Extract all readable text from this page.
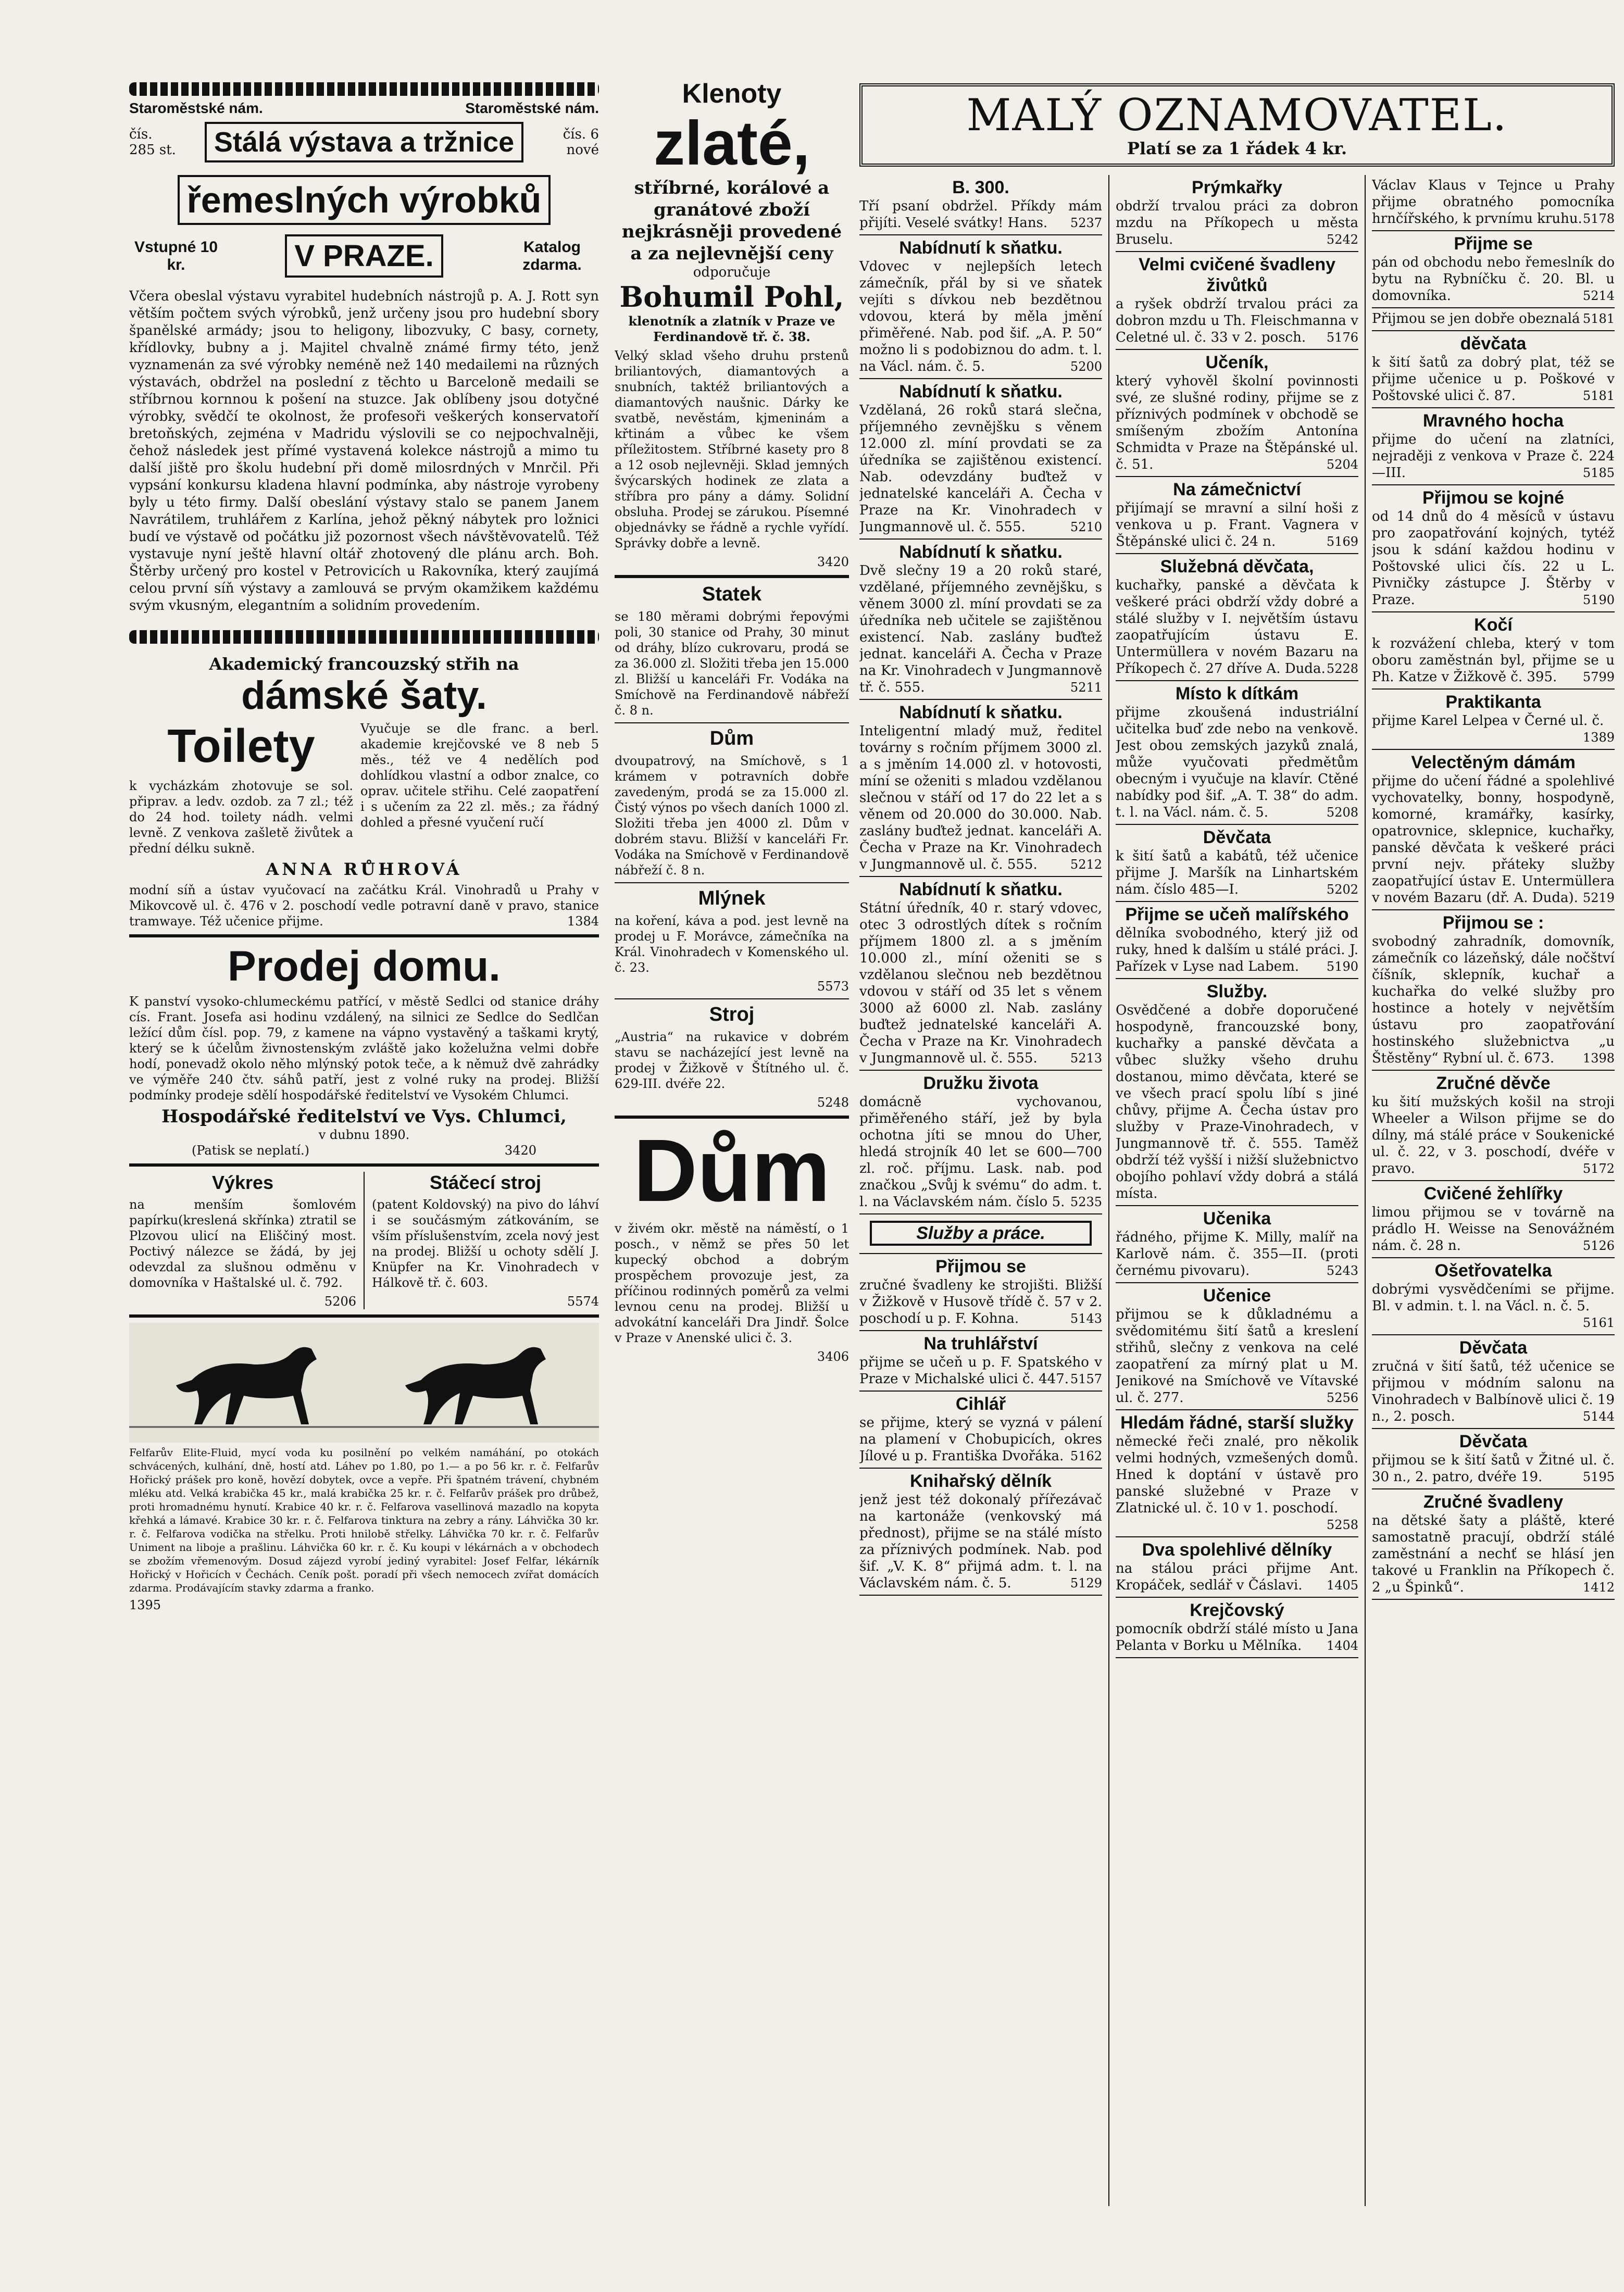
Staroměstské nám.	Staroměstské nám.
čís. 285 st.	Stálá výstava a tržnice	čís. 6 nové
řemeslných výrobků
Vstupné 10 kr.	V PRAZE.	Katalog zdarma.
Včera obeslal výstavu vyrabitel hudebních nástrojů p. A. J. Rott syn větším počtem svých výrobků, jenž určeny jsou pro hudební sbory španělské armády; jsou to heligony, libozvuky, C basy, cornety, křídlovky, bubny a j. Majitel chvalně známé firmy této, jenž vyznamenán za své výrobky neméně než 140 medailemi na různých výstavách, obdržel na poslední z těchto u Barceloně medaili se stříbrnou kornnou k pošení na stuzce. Jak oblíbeny jsou dotyčné výrobky, svědčí te okolnost, že profesoři veškerých konservatoří bretoňských, zejména v Madridu výslovili se co nejpochvalněji, čehož následek jest přímé vystavená kolekce nástrojů a mimo tu další jiště pro školu hudební při domě milosrdných v Mnrčil. Při vypsání konkursu kladena hlavní podmínka, aby nástroje vyrobeny byly u této firmy. Další obeslání výstavy stalo se panem Janem Navrátilem, truhlářem z Karlína, jehož pěkný nábytek pro ložnici budí ve výstavě od počátku již pozornost všech návštěvovatelů. Též vystavuje nyní ještě hlavní oltář zhotovený dle plánu arch. Boh. Štěrby určený pro kostel v Petrovicích u Rakovníka, který zaujímá celou první síň výstavy a zamlouvá se prvým okamžikem každému svým vkusným, elegantním a solidním provedením.
Akademický francouzský střih na
dámské šaty.
Toilety
k vycházkám zhotovuje se sol. připrav. a ledv. ozdob. za 7 zl.; též do 24 hod. toilety nádh. velmi levně. Z venkova zašletě živůtek a přední délku sukně.
Vyučuje se dle franc. a berl. akademie krejčovské ve 8 neb 5 měs., též ve 4 nedělích pod dohlídkou vlastní a odbor znalce, co oprav. učitele střihu. Celé zaopatření i s učením za 22 zl. měs.; za řádný dohled a přesné vyučení ručí
ANNA RŮHROVÁ
modní síň a ústav vyučovací na začátku Král. Vinohradů u Prahy v Mikovcově ul. č. 476 v 2. poschodí vedle potravní daně v pravo, stanice tramwaye. Též učenice přijme.	1384
Prodej domu.
K panství vysoko-chlumeckému patřící, v městě Sedlci od stanice dráhy cís. Frant. Josefa asi hodinu vzdálený, na silnici ze Sedlce do Sedlčan ležící dům čísl. pop. 79, z kamene na vápno vystavěný a taškami krytý, který se k účelům živnostenským zvláště jako koželužna velmi dobře hodí, ponevadž okolo něho mlýnský potok teče, a k němuž dvě zahrádky ve výměře 240 čtv. sáhů patří, jest z volné ruky na prodej. Bližší podmínky prodeje sdělí hospodářské ředitelství ve Vysokém Chlumci.
Hospodářské ředitelství ve Vys. Chlumci,
v dubnu 1890.
(Patisk se neplatí.)	3420
Výkres
na menším šomlovém papírku(kreslená skřínka) ztratil se Plzovou ulicí na Eliščiný most. Poctivý nálezce se žádá, by jej odevzdal za slušnou odměnu v domovníka v Haštalské ul. č. 792.
5206
Stáčecí stroj
(patent Koldovský) na pivo do láhví i se součásmým zátkováním, se vším příslušenstvím, zcela nový jest na prodej. Bližší u ochoty sdělí J. Knüpfer na Kr. Vinohradech v Hálkově tř. č. 603.
5574
Felfarův Elite-Fluid, mycí voda ku posilnění po velkém namáhání, po otokách schvácených, kulhání, dně, hostí atd. Láhev po 1.80, po 1.— a po 56 kr. r. č. Felfarův Hořický prášek pro koně, hovězí dobytek, ovce a vepře. Při špatném trávení, chybném mléku atd. Velká krabička 45 kr., malá krabička 25 kr. r. č. Felfarův prášek pro drůbež, proti hromadnému hynutí. Krabice 40 kr. r. č. Felfarova vasellinová mazadlo na kopyta křehká a lámavé. Krabice 30 kr. r. č. Felfarova tinktura na zebry a rány. Láhvička 30 kr. r. č. Felfarova vodička na střelku. Proti hnilobě střelky. Láhvička 70 kr. r. č. Felfarův Uniment na liboje a prašlinu. Láhvička 60 kr. r. č. Ku koupi v lékárnách a v obchodech se zbožím vřemenovým. Dosud zájezd vyrobí jediný vyrabitel: Josef Felfar, lékárník Hořický v Hořicích v Čechách. Ceník pošt. poradí při všech nemocech zvířat domácích zdarma. Prodávajícím stavky zdarma a franko.
1395
Klenoty
zlaté,
stříbrné, korálové a granátové zboží nejkrásněji provedené a za nejlevnější ceny
odporučuje
Bohumil Pohl,
klenotník a zlatník v Praze ve Ferdinandově tř. č. 38.
Velký sklad všeho druhu prstenů briliantových, diamantových a snubních, taktéž briliantových a diamantových naušnic. Dárky ke svatbě, nevěstám, kjmeninám a křtinám a vůbec ke všem příležitostem. Stříbrné kasety pro 8 a 12 osob nejlevněji. Sklad jemných švýcarských hodinek ze zlata a stříbra pro pány a dámy. Solidní obsluha. Prodej se zárukou. Písemné objednávky se řádně a rychle vyřídí. Správky dobře a levně.
3420
Statek
se 180 měrami dobrými řepovými poli, 30 stanice od Prahy, 30 minut od dráhy, blízo cukrovaru, prodá se za 36.000 zl. Složiti třeba jen 15.000 zl. Bližší u kanceláři Fr. Vodáka na Smíchově na Ferdinandově nábřeží č. 8 n.
Dům
dvoupatrový, na Smíchově, s 1 krámem v potravních dobře zavedeným, prodá se za 15.000 zl. Čistý výnos po všech daních 1000 zl. Složiti třeba jen 4000 zl. Dům v dobrém stavu. Bližší v kanceláři Fr. Vodáka na Smíchově v Ferdinandově nábřeží č. 8 n.
Mlýnek
na koření, káva a pod. jest levně na prodej u F. Morávce, zámečníka na Král. Vinohradech v Komenského ul. č. 23.
5573
Stroj
„Austria“ na rukavice v dobrém stavu se nacházející jest levně na prodej v Žižkově v Štítného ul. č. 629-III. dvéře 22.
5248
Dům
v živém okr. městě na náměstí, o 1 posch., v němž se přes 50 let kupecký obchod a dobrým prospěchem provozuje jest, za příčinou rodinných poměrů za velmi levnou cenu na prodej. Bližší u advokátní kanceláři Dra Jindř. Šolce v Praze v Anenské ulici č. 3.
3406
MALÝ OZNAMOVATEL.
Platí se za 1 řádek 4 kr.
B. 300.
Tří psaní obdržel. Příkdy mám přijíti. Veselé svátky! Hans. 5237
Nabídnutí k sňatku.
Vdovec v nejlepších letech zámečník, přál by si ve sňatek vejíti s dívkou neb bezdětnou vdovou, která by měla jmění přiměřené. Nab. pod šif. „A. P. 50“ možno li s podobiznou do adm. t. l. na Václ. nám. č. 5.	5200
Nabídnutí k sňatku.
Vzdělaná, 26 roků stará slečna, příjemného zevnějšku s věnem 12.000 zl. míní provdati se za úředníka se zajištěnou existencí. Nab. odevzdány buďtež v jednatelské kanceláři A. Čecha v Praze na Kr. Vinohradech v Jungmannově ul. č. 555.	5210
Nabídnutí k sňatku.
Dvě slečny 19 a 20 roků staré, vzdělané, příjemného zevnějšku, s věnem 3000 zl. míní provdati se za úředníka neb učitele se zajištěnou existencí. Nab. zaslány buďtež jednat. kanceláři A. Čecha v Praze na Kr. Vinohradech v Jungmannově tř. č. 555.	5211
Nabídnutí k sňatku.
Inteligentní mladý muž, ředitel továrny s ročním příjmem 3000 zl. a s jměním 14.000 zl. v hotovosti, míní se oženiti s mladou vzdělanou slečnou v stáří od 17 do 22 let a s věnem od 20.000 do 30.000. Nab. zaslány buďtež jednat. kanceláři A. Čecha v Praze na Kr. Vinohradech v Jungmannově ul. č. 555.	5212
Nabídnutí k sňatku.
Státní úředník, 40 r. starý vdovec, otec 3 odrostlých dítek s ročním příjmem 1800 zl. a s jměním 10.000 zl., míní oženiti se s vzdělanou slečnou neb bezdětnou vdovou v stáří od 35 let s věnem 3000 až 6000 zl. Nab. zaslány buďtež jednatelské kanceláři A. Čecha v Praze na Kr. Vinohradech v Jungmannově ul. č. 555.	5213
Družku života
domácně vychovanou, přiměřeného stáří, jež by byla ochotna jíti se mnou do Uher, hledá strojník 40 let se 600—700 zl. roč. příjmu. Lask. nab. pod značkou „Svůj k svému“ do adm. t. l. na Václavském nám. číslo 5. 5235
Služby a práce.
Přijmou se
zručné švadleny ke strojišti. Bližší v Žižkově v Husově třídě č. 57 v 2. poschodí u p. F. Kohna.	5143
Na truhlářství
přijme se učeň u p. F. Spatského v Praze v Michalské ulici č. 447. 5157
Cihlář
se přijme, který se vyzná v pálení na plamení v Chobupicích, okres Jílové u p. Františka Dvořáka. 5162
Knihařský dělník
jenž jest též dokonalý přířezávač na kartonáže (venkovský má přednost), přijme se na stálé místo za příznivých podmínek. Nab. pod šif. „V. K. 8“ přijmá adm. t. l. na Václavském nám. č. 5.	5129
Prýmkařky
obdrží trvalou práci za dobron mzdu na Příkopech u města Bruselu.	5242
Velmi cvičené švadleny živůtků
a ryšek obdrží trvalou práci za dobron mzdu u Th. Fleischmanna v Celetné ul. č. 33 v 2. posch. 5176
Učeník,
který vyhověl školní povinnosti své, ze slušné rodiny, přijme se z příznivých podmínek v obchodě se smíšeným zbožím Antonína Schmidta v Praze na Štěpánské ul. č. 51.	5204
Na zámečnictví
přijímají se mravní a silní hoši z venkova u p. Frant. Vagnera v Štěpánské ulici č. 24 n.	5169
Služebná děvčata,
kuchařky, panské a děvčata k veškeré práci obdrží vždy dobré a stálé služby v I. největším ústavu zaopatřujícím ústavu E. Untermüllera v novém Bazaru na Příkopech č. 27 dříve A. Duda. 5228
Místo k dítkám
přijme zkoušená industriální učitelka buď zde nebo na venkově. Jest obou zemských jazyků znalá, může vyučovati předmětům obecným i vyučuje na klavír. Ctěné nabídky pod šif. „A. T. 38“ do adm. t. l. na Václ. nám. č. 5.	5208
Děvčata
k šití šatů a kabátů, též učenice přijme J. Maršík na Linhartském nám. číslo 485—I.	5202
Přijme se učeň malířského
dělníka svobodného, který již od ruky, hned k dalším u stálé práci. J. Pařízek v Lyse nad Labem. 5190
Služby.
Osvědčené a dobře doporučené hospodyně, francouzské bony, kuchařky a panské děvčata a vůbec služky všeho druhu dostanou, mimo děvčata, které se ve všech prací spolu líbí s jiné chůvy, přijme A. Čecha ústav pro služby v Praze-Vinohradech, v Jungmannově tř. č. 555. Taměž obdrží též vyšší i nižší služebnictvo obojího pohlaví vždy dobrá a stálá místa.
Učenika
řádného, přijme K. Milly, malíř na Karlově nám. č. 355—II. (proti černému pivovaru).	5243
Učenice
přijmou se k důkladnému a svědomitému šití šatů a kreslení střihů, slečny z venkova na celé zaopatření za mírný plat u M. Jenikové na Smíchově ve Vítavské ul. č. 277.	5256
Hledám řádné, starší služky
německé řeči znalé, pro několik velmi hodných, vzmešených domů. Hned k doptání v ústavě pro panské služebné v Praze v Zlatnické ul. č. 10 v 1. poschodí.
5258
Dva spolehlivé dělníky
na stálou práci přijme Ant. Kropáček, sedlář v Čáslavi. 1405
Krejčovský
pomocník obdrží stálé místo u Jana Pelanta v Borku u Mělníka. 1404
Václav Klaus v Tejnce u Prahy přijme obratného pomocníka hrnčířského, k prvnímu kruhu. 5178
Přijme se
pán od obchodu nebo řemeslník do bytu na Rybníčku č. 20. Bl. u domovníka.	5214
Přijmou se jen dobře obeznalá 5181
děvčata
k šití šatů za dobrý plat, též se přijme učenice u p. Poškové v Poštovské ulici č. 87.	5181
Mravného hocha
přijme do učení na zlatníci, nejraději z venkova v Praze č. 224—III.	5185
Přijmou se kojné
od 14 dnů do 4 měsíců v ústavu pro zaopatřování kojných, tytéž jsou k sdání každou hodinu v Poštovské ulici čís. 22 u L. Pivničky zástupce J. Štěrby v Praze.	5190
Kočí
k rozvážení chleba, který v tom oboru zaměstnán byl, přijme se u Ph. Katze v Žižkově č. 395. 5799
Praktikanta
přijme Karel Lelpea v Černé ul. č.
1389
Velectěným dámám
přijme do učení řádné a spolehlivé vychovatelky, bonny, hospodyně, komorné, kramářky, kasírky, opatrovnice, sklepnice, kuchařky, panské děvčata k veškeré práci první nejv. přáteky služby zaopatřující ústav E. Untermüllera v novém Bazaru (dř. A. Duda). 5219
Přijmou se :
svobodný zahradník, domovník, zámečník co lázeňský, dále nočštví číšník, sklepník, kuchař a kuchařka do velké služby pro hostince a hotely v největším ústavu pro zaopatřování hostinského služebnictva „u Štěstěny“ Rybní ul. č. 673. 1398
Zručné děvče
ku šití mužských košil na stroji Wheeler a Wilson přijme se do dílny, má stálé práce v Soukenické ul. č. 22, v 3. poschodí, dvéře v pravo.	5172
Cvičené žehlířky
limou přijmou se v továrně na prádlo H. Weisse na Senovážném nám. č. 28 n.	5126
Ošetřovatelka
dobrými vysvědčeními se přijme. Bl. v admin. t. l. na Václ. n. č. 5.
5161
Děvčata
zručná v šití šatů, též učenice se přijmou v módním salonu na Vinohradech v Balbínově ulici č. 19 n., 2. posch.	5144
Děvčata
přijmou se k šití šatů v Žitné ul. č. 30 n., 2. patro, dvéře 19.	5195
Zručné švadleny
na dětské šaty a pláště, které samostatně pracují, obdrží stálé zaměstnání a nechť se hlásí jen takové u Franklin na Příkopech č. 2 „u Špinků“.	1412
